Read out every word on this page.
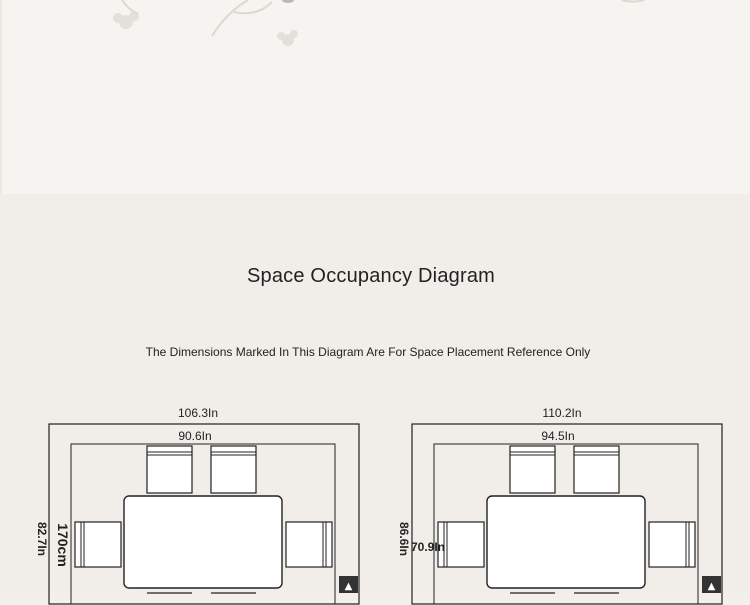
Space Occupancy Diagram
The Dimensions Marked In This Diagram Are For Space Placement Reference Only
106.3In
90.6In
82.7In 170cm
▲
110.2In
94.5In
86.6In 70.9In
▲
